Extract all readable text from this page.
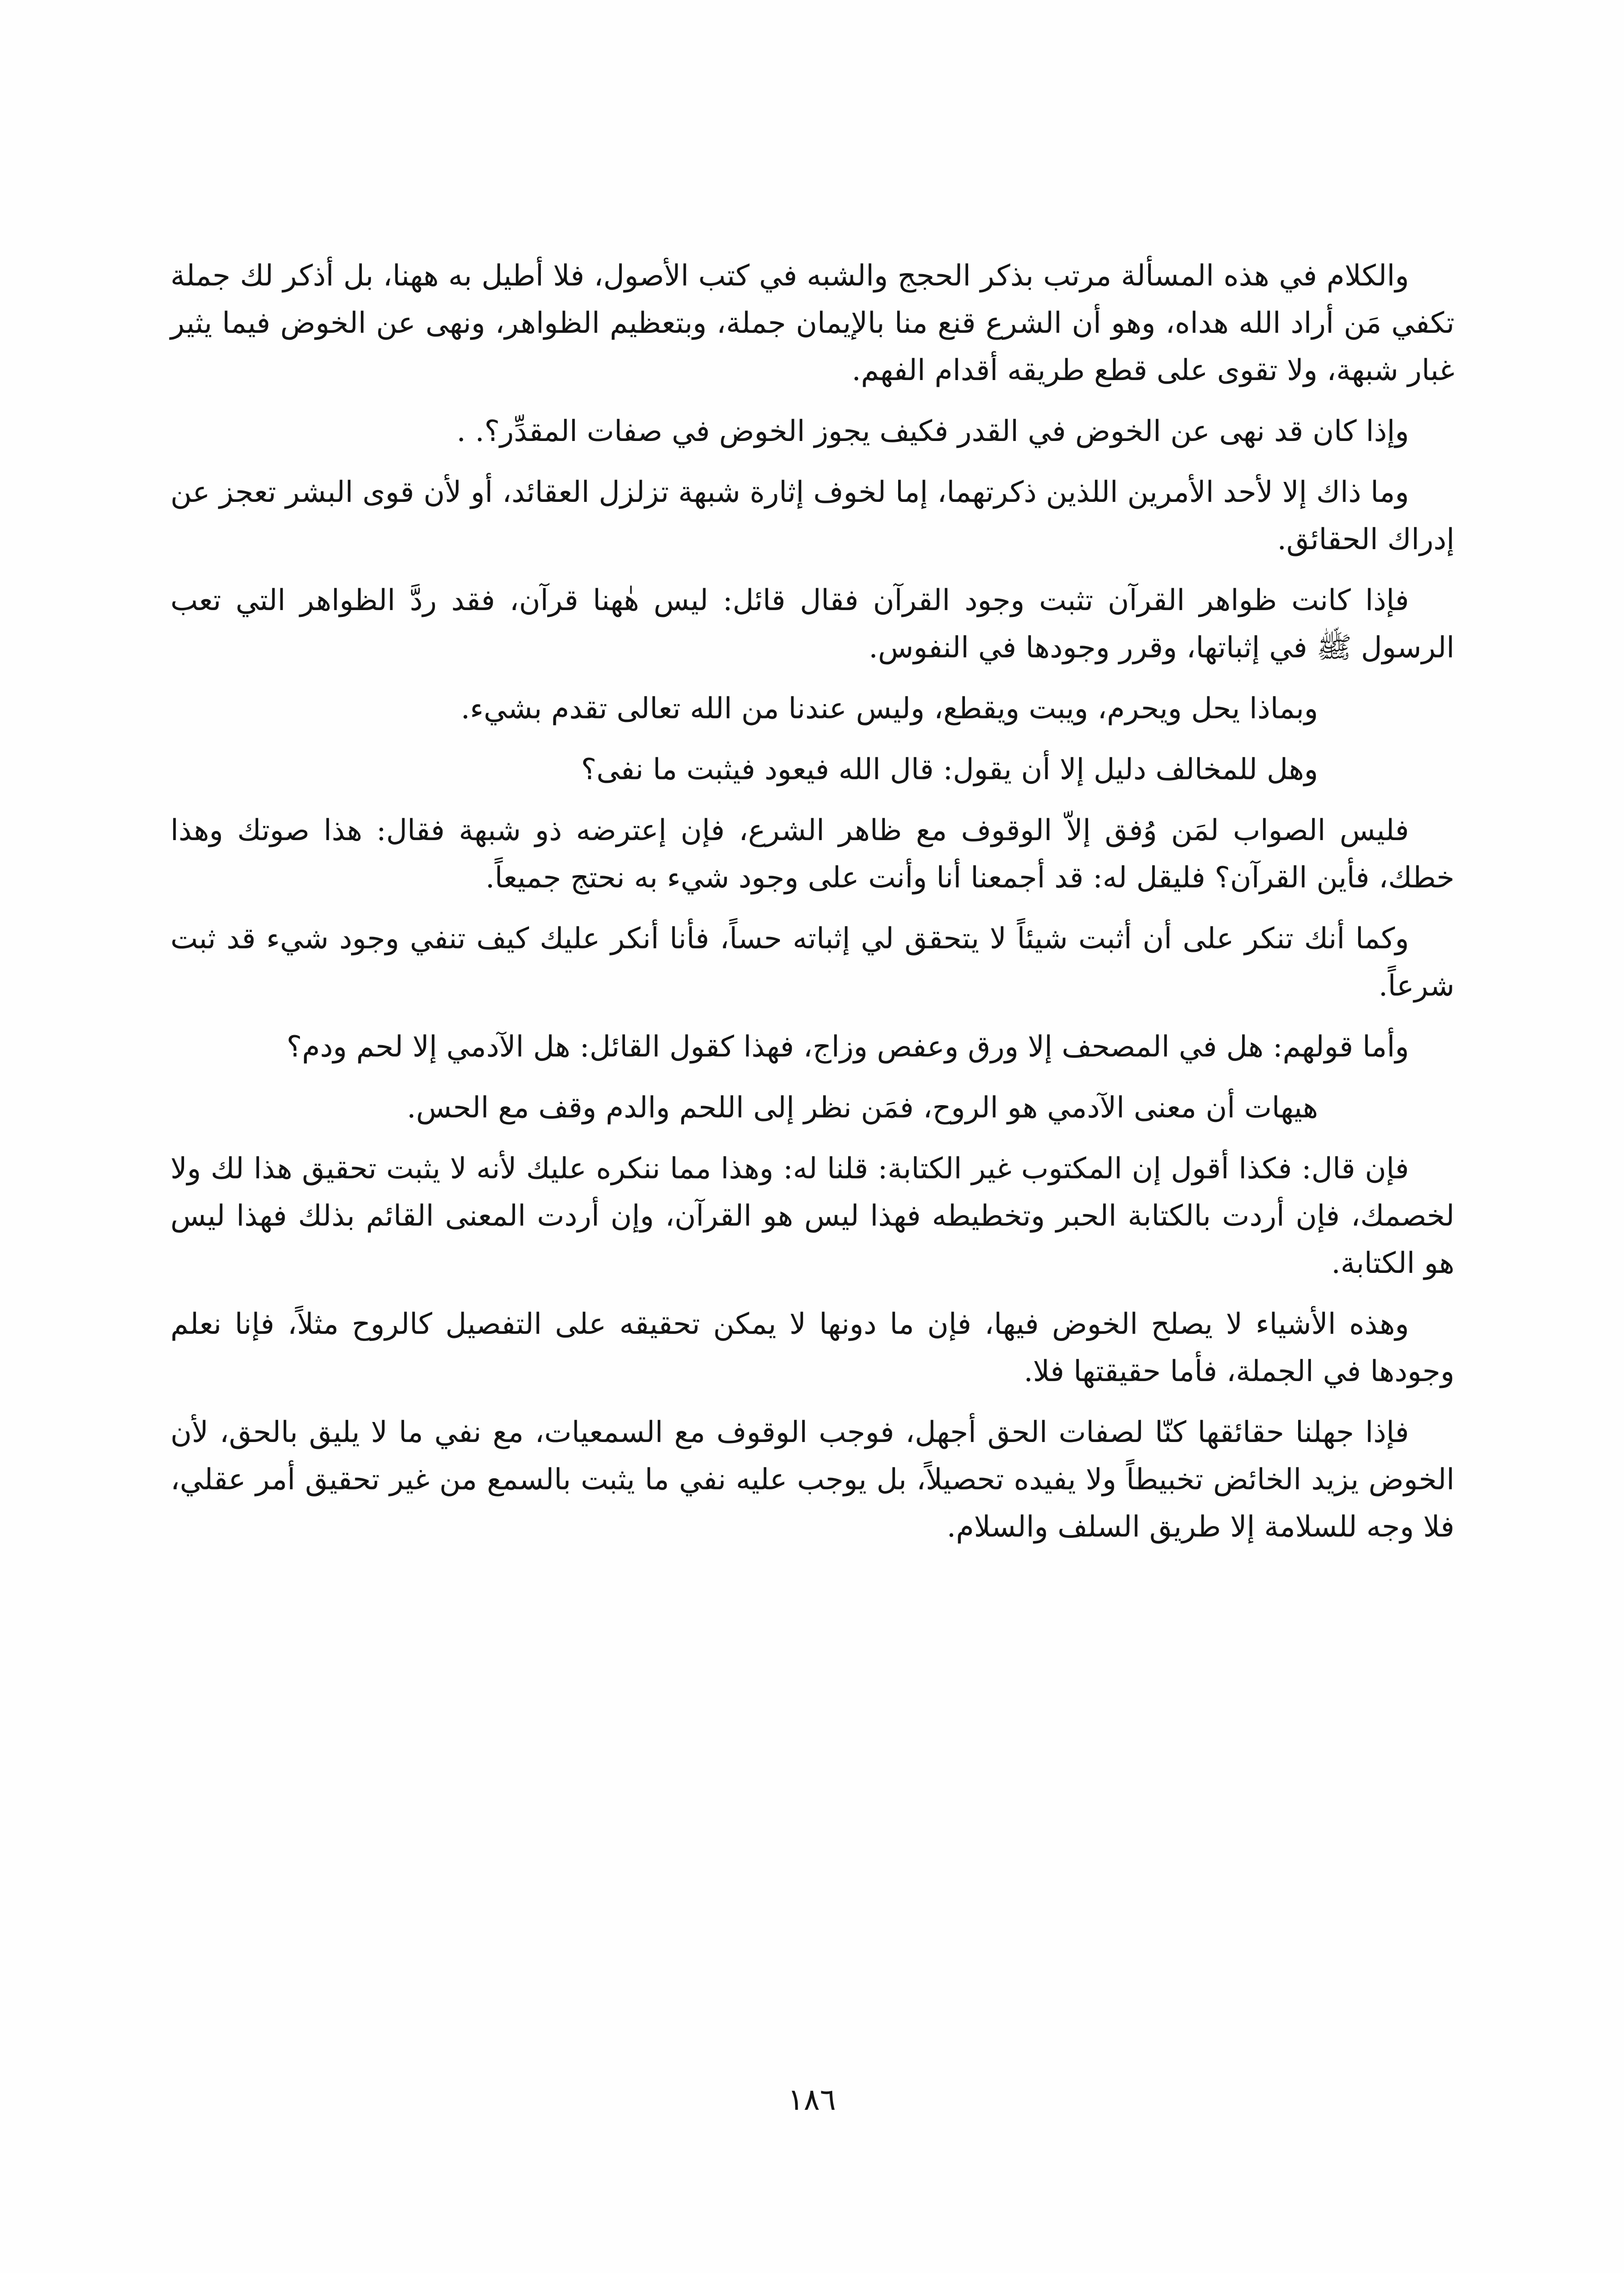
والكلام في هذه المسألة مرتب بذكر الحجج والشبه في كتب الأصول، فلا أطيل به ههنا، بل أذكر لك جملة تكفي مَن أراد الله هداه، وهو أن الشرع قنع منا بالإيمان جملة، وبتعظيم الظواهر، ونهى عن الخوض فيما يثير غبار شبهة، ولا تقوى على قطع طريقه أقدام الفهم.

وإذا كان قد نهى عن الخوض في القدر فكيف يجوز الخوض في صفات المقدِّر؟. .

وما ذاك إلا لأحد الأمرين اللذين ذكرتهما، إما لخوف إثارة شبهة تزلزل العقائد، أو لأن قوى البشر تعجز عن إدراك الحقائق.

فإذا كانت ظواهر القرآن تثبت وجود القرآن فقال قائل: ليس هٰهنا قرآن، فقد ردَّ الظواهر التي تعب الرسول ﷺ في إثباتها، وقرر وجودها في النفوس.

وبماذا يحل ويحرم، ويبت ويقطع، وليس عندنا من الله تعالى تقدم بشيء.

وهل للمخالف دليل إلا أن يقول: قال الله فيعود فيثبت ما نفى؟

فليس الصواب لمَن وُفق إلاّ الوقوف مع ظاهر الشرع، فإن إعترضه ذو شبهة فقال: هذا صوتك وهذا خطك، فأين القرآن؟ فليقل له: قد أجمعنا أنا وأنت على وجود شيء به نحتج جميعاً.

وكما أنك تنكر على أن أثبت شيئاً لا يتحقق لي إثباته حساً، فأنا أنكر عليك كيف تنفي وجود شيء قد ثبت شرعاً.

وأما قولهم: هل في المصحف إلا ورق وعفص وزاج، فهذا كقول القائل: هل الآدمي إلا لحم ودم؟

هيهات أن معنى الآدمي هو الروح، فمَن نظر إلى اللحم والدم وقف مع الحس.

فإن قال: فكذا أقول إن المكتوب غير الكتابة: قلنا له: وهذا مما ننكره عليك لأنه لا يثبت تحقيق هذا لك ولا لخصمك، فإن أردت بالكتابة الحبر وتخطيطه فهذا ليس هو القرآن، وإن أردت المعنى القائم بذلك فهذا ليس هو الكتابة.

وهذه الأشياء لا يصلح الخوض فيها، فإن ما دونها لا يمكن تحقيقه على التفصيل كالروح مثلاً، فإنا نعلم وجودها في الجملة، فأما حقيقتها فلا.

فإذا جهلنا حقائقها كنّا لصفات الحق أجهل، فوجب الوقوف مع السمعيات، مع نفي ما لا يليق بالحق، لأن الخوض يزيد الخائض تخبيطاً ولا يفيده تحصيلاً، بل يوجب عليه نفي ما يثبت بالسمع من غير تحقيق أمر عقلي، فلا وجه للسلامة إلا طريق السلف والسلام.

١٨٦
